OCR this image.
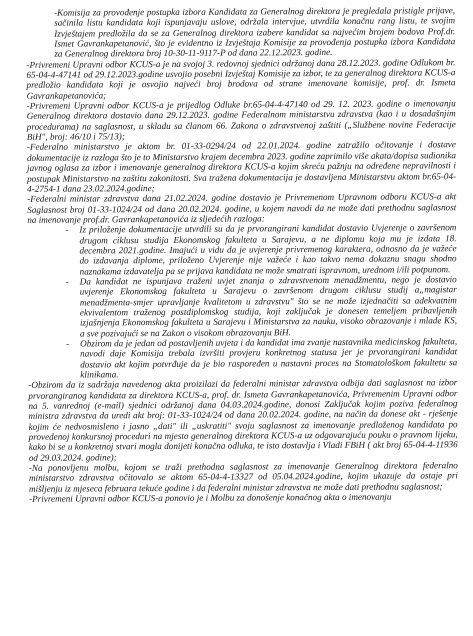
-Komisija za provođenje postupka izbora Kandidata za Generalnog direktora je pregledala pristigle prijave, sačinila listu kandidata koji ispunjavaju uslove, održala intervjue, utvrdila konačnu rang listu, te svojim Izvještajem predložila da se za Generalnog direktora izabere kandidat sa najvećim brojem bodova Prof.dr. Ismet Gavrankapetanović, što je evidentno iz Izvještaja Komisije za provođenja postupka izbora Kandidata za Generalnog direktora broj 10-30-11-9117-P od dana 22.12.2023. godine.

-Privremeni Upravni odbor KCUS-a je na svojoj 3. redovnoj sjednici održanoj dana 28.12.2023. godine Odlukom br. 65-04-4-47141 od 29.12.2023.godine usvojio posebni Izvještaj Komisije za izbor, te za generalnog direktora KCUS-a predložio kandidata koji je osvojio najveći broj brodova od strane imenovane komisije, prof. dr. Ismeta Gavrankapetanovića;

-Privremeni Upravni odbor KCUS-a je prijedlog Odluke br.65-04-4-47140 od 29. 12. 2023. godine o imenovanju Generalnog direktora dostavio dana 29.12.2023. godine Federalnom ministarstvu zdravstva (kao i u dosadašnjim procedurama) na saglasnost, u skladu sa članom 66. Zakona o zdravstvenoj zaštiti („Službene novine Federacije BiH", broj: 46/10 i 75/13);

-Federalno ministarstvo je aktom br. 01-33-0294/24 od 22.01.2024. godine zatražilo očitovanje i dostave dokumentacije iz razloga što je to Ministarstvo krajem decembra 2023. godine zaprimilo više akata/dopisa sudionika javnog oglasa za izbor i imenovanje generalnog direktora KCUS-a kojim skreću pažnju na određene nepravilnosti i postupak Ministarstvo na zaštitu zakonitosti. Sva tražena dokumentacija je dostavljena Ministarstvu aktom br.65-04-4-2754-1 dana 23.02.2024.godine;

-Federalni ministar zdravstva dana 21.02.2024. godine dostavio je Privremenom Upravnom odboru KCUS-a akt Saglasnost broj 01-33-1024/24 od dana 20.02.2024. godine, u kojem navodi da ne može dati prethodnu saglasnost na imenovanje prof.dr. Gavrankapetanovića iz sljedećih razloga:

- Iz priloženje dokumentacije utvrdili su da je prvorangirani kandidat dostavio Uvjerenje o završenom drugom ciklusu studija Ekonomskog fakulteta u Sarajevu, a ne diplomu koja mu je izdata 18. decembra 2021.godine. Imajući u vidu da je uvjerenje privremenog karaktera, odnosno da je važeće do izdavanja diplome, priloženo Uvjerenje nije važeće i kao takvo nema dokaznu snagu shodno naznakama izdavatelja pa se prijava kandidata ne može smatrati ispravnom, urednom i/ili potpunom.
- Da kandidat ne ispunjava traženi uvjet znanja o zdravstvenom menadžmentu, nego je dostavio uvjerenje Ekonomskog fakulteta u Sarajevu o završenom drugom ciklusu studij a„magistar menadžmenta-smjer upravljanje kvalitetom u zdravstvu" što se ne može izjednačiti sa adekvatnim ekvivalentom traženog postdiplomskog studija, koji zaključak je donesen temeljem pribavljenih izjašnjenja Ekonomskog fakulteta u Sarajevu i Ministarstva za nauku, visoko obrazovanje i mlade KS, a sve pozivajući se na Zakon o visokom obrazovanju BiH.
- Obzirom da je jedan od postavljenih uvjeta i da kandidat ima zvanje nastavnika medicinskog fakulteta, navodi daje Komisija trebala izvršiti provjeru konkretnog statusa jer je prvorangirani kandidat dostavio akt kojim potvrđuje da je bio raspoređen u nastavni proces na Stomatološkom fakultetu sa klinikama.

-Obzirom da iz sadržaja navedenog akta proizilazi da federalni ministar zdravstva odbija dati saglasnost na izbor prvorangiranog kandidata za direktora KCUS-a, prof. dr. Ismeta Gavrankapetanovića, Privremenim Upravni odbor na 5. vanrednoj (e-mail) sjednici održanoj dana 04.03.2024.godine, donosi Zaključak kojim poziva federalnog ministra zdravstva da uredi akt broj: 01-33-1024/24 od dana 20.02.2024. godine, na način da donese akt - rješenje kojim će nedvosmisleno i jasno „dati" ili „uskratiti" svoju saglasnost za imenovanje predloženog kandidata po provedenoj konkursnoj proceduri na mjesto generalnog direktora KCUS-a uz odgovarajuću pouku o pravnom lijeku, kako bi se u konkretnoj stvari mogla donijeti konačna odluka, te isto dostavlja i Vladi FBiH ( akt broj 65-04-4-11936 od 29.03.2024. godine);

-Na ponovljenu molbu, kojom se traži prethodna saglasnost za imenovanje Generalnog direktora federalno ministarstvo zdravstva očitovalo se aktom 65-04-4-13327 od 05.04.2024.godine, kojim ukazuje da ostaje pri mišljenju iz mjeseca februara tekuće godine i da federalni ministar zdravstva ne može dati prethodnu saglasnost;

-Privremeni Upravni odbor KCUS-a ponovio je i Molbu za donošenje konačnog akta o imenovanju
